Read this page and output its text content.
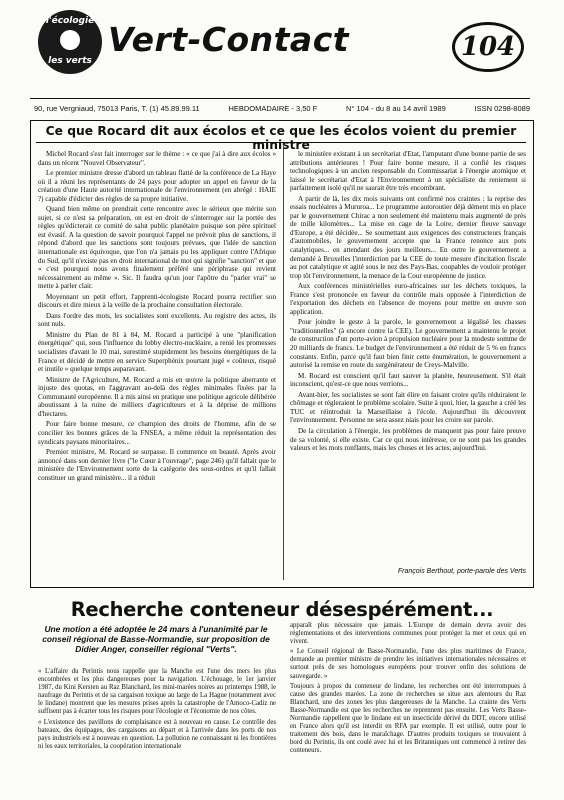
l'écologie
les verts
Vert-Contact	104
90, rue Vergniaud, 75013 Paris, T. (1) 45.89.99.11	HEBDOMADAIRE - 3,50 F	N° 104 - du 8 au 14 avril 1989	ISSN 0298-8089
Ce que Rocard dit aux écolos et ce que les écolos voient du premier ministre

Michel Rocard s'est fait interroger sur le thème : « ce que j'ai à dire aux écolos » dans un récent "Nouvel Observateur".

Le premier ministre dresse d'abord un tableau flatté de la conférence de La Haye où il a réuni les représentants de 24 pays pour adopter un appel en faveur de la création d'une Haute autorité internationale de l'environnement (en abrégé : HAIE ?) capable d'édicter des règles de sa propre initiative.

Quand bien même on prendrait cette rencontre avec le sérieux que mérite son sujet, si ce n'est sa préparation, on est en droit de s'interroger sur la portée des règles qu'édicterait ce comité de salut public planétaire puisque son père spirituel est évasif. A la question de savoir pourquoi l'appel ne prévoit plus de sanctions, il répond d'abord que les sanctions sont toujours prévues, que l'idée de sanction internationale est équivoque, que l'on n'a jamais pu les appliquer contre l'Afrique du Sud, qu'il n'existe pas en droit international de mot qui signifie "sanction" et que « c'est pourquoi nous avons finalement préféré une périphrase qui revient nécessairement au même ». Sic. Il faudra qu'un jour l'apôtre du "parler vrai" se mette à parler clair.

Moyennant un petit effort, l'apprenti-écologiste Rocard pourra rectifier son discours et dire mieux à la veille de la prochaine consultation électorale.

Dans l'ordre des mots, les socialistes sont excellents. Au registre des actes, ils sont nuls.

Ministre du Plan de 81 à 84, M. Rocard a participé à une "planification énergétique" qui, sous l'influence du lobby électro-nucléaire, a renié les promesses socialistes d'avant le 10 mai, surestimé stupidement les besoins énergétiques de la France et décidé de mettre en service Superphénix pourtant jugé « coûteux, risqué et inutile » quelque temps auparavant.

Ministre de l'Agriculture, M. Rocard a mis en œuvre la politique aberrante et injuste des quotas, en l'aggravant au-delà des règles minimales fixées par la Communauté européenne. Il a mis ainsi en pratique une politique agricole délibérée aboutissant à la ruine de milliers d'agriculteurs et à la déprise de millions d'hectares.

Pour faire bonne mesure, ce champion des droits de l'homme, afin de se concilier les bonnes grâces de la FNSEA, a même réduit la représentation des syndicats paysans minoritaires...

Premier ministre, M. Rocard se surpasse. Il commence en beauté. Après avoir annoncé dans son dernier livre ("le Cœur à l'ouvrage", page 246) qu'il fallait que le ministère de l'Environnement sorte de la catégorie des sous-ordres et qu'il fallait constituer un grand ministère... il a réduit

le ministère existant à un secrétariat d'Etat, l'amputant d'une bonne partie de ses attributions antérieures ! Pour faire bonne mesure, il a confié les risques technologiques à un ancien responsable du Commissariat à l'énergie atomique et laissé le secrétariat d'Etat à l'Environnement à un spécialiste du reniement si parfaitement isolé qu'il ne saurait être très encombrant.

A partir de là, les dix mois suivants ont confirmé nos craintes : la reprise des essais nucléaires à Mururoa... Le programme autoroutier déjà dément mis en place par le gouvernement Chirac a non seulement été maintenu mais augmenté de près de mille kilomètres... La mise en cage de la Loire, dernier fleuve sauvage d'Europe, a été décidée... Se soumettant aux exigences des constructeurs français d'automobiles, le gouvernement accepte que la France renonce aux pots catalytiques... en attendant des jours meilleurs... En outre le gouvernement a demandé à Bruxelles l'interdiction par la CEE de toute mesure d'incitation fiscale au pot catalytique et agité sous le nez des Pays-Bas, coupables de vouloir protéger trop tôt l'environnement, la menace de la Cour européenne de justice.

Aux conférences ministérielles euro-africaines sur les déchets toxiques, la France s'est prononcée en faveur du contrôle mais opposée à l'interdiction de l'exportation des déchets en l'absence de moyens pour mettre en œuvre son application.

Pour joindre le geste à la parole, le gouvernement a légalisé les chasses "traditionnelles" (à encore contre la CEE). Le gouvernement a maintenu le projet de construction d'un porte-avion à propulsion nucléaire pour la modeste somme de 20 milliards de francs. Le budget de l'environnement a été réduit de 5 % en francs constants. Enfin, parce qu'il faut bien finir cette énumération, le gouvernement a autorisé la remise en route du surgénérateur de Creys-Malville.

M. Rocard est conscient qu'il faut sauver la planète, heureusement. S'il était inconscient, qu'est-ce que nous verrions...

Avant-hier, les socialistes se sont fait élire en faisant croire qu'ils réduiraient le chômage et régleraient le problème scolaire. Suite à quoi, hier, la gauche a créé les TUC et réintroduit la Marseillaise à l'école. Aujourd'hui ils découvrent l'environnement. Personne ne sera assez niais pour les croire sur parole.

De la circulation à l'énergie, les problèmes de manquent pas pour faire preuve de sa volonté, si elle existe. Car ce qui nous intéresse, ce ne sont pas les grandes valeurs et les mots ronflants, mais les choses et les actes, aujourd'hui.

François Berthout, porte-parole des Verts
Recherche conteneur désespérément...
Une motion a été adoptée le 24 mars à l'unanimité par le conseil régional de Basse-Normandie, sur proposition de Didier Anger, conseiller régional "Verts".

« L'affaire du Perintis nous rappelle que la Manche est l'une des mers les plus encombrées et les plus dangereuses pour la navigation. L'échouage, le 1er janvier 1987, du Kini Kersten au Raz Blanchard, les mini-marées noires au printemps 1988, le naufrage du Perintis et de sa cargaison toxique au large de La Hague (notamment avec le lindane) montrent que les mesures prises après la catastrophe de l'Amoco-Cadiz ne suffisent pas à écarter tous les risques pour l'écologie et l'économie de nos côtes.

« L'existence des pavillons de complaisance est à nouveau en cause. Le contrôle des bateaux, des équipages, des cargaisons au départ et à l'arrivée dans les ports de nos pays industriels est à nouveau en question. La pollution ne connaissant ni les frontières ni les eaux territoriales, la coopération internationale

apparaît plus nécessaire que jamais. L'Europe de demain devra avoir des réglementations et des interventions communes pour protéger la mer et ceux qui en vivent.

« Le Conseil régional de Basse-Normandie, l'une des plus maritimes de France, demande au premier ministre de prendre les initiatives internationales nécessaires et surtout près de ses homologues européens pour trouver enfin des solutions de sauvegarde. »

Toujours à propos du conteneur de lindane, les recherches ont été interrompues à cause des grandes marées. La zone de recherches se situe aux alentours du Raz Blanchard, une des zones les plus dangereuses de la Manche. La crainte des Verts Basse-Normandie est que les recherches ne reprennent pas ensuite. Les Verts Basse-Normandie rappellent que le lindane est un insecticide dérivé du DDT, encore utilisé en France alors qu'il est interdit en RFA par exemple. Il est utilisé, outre pour le traitement des bois, dans le maraîchage. D'autres produits toxiques se trouvaient à bord du Perintis, ils ont coulé avec lui et les Britanniques ont commencé à retirer des conteneurs.
